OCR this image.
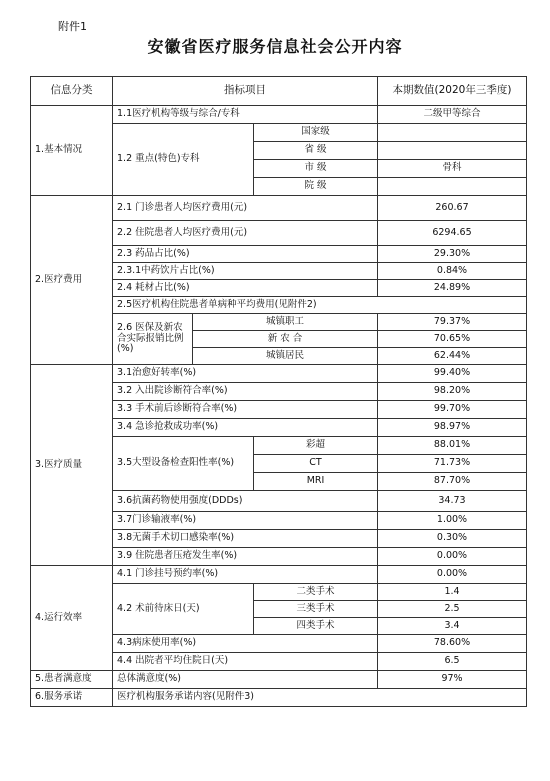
附件1
安徽省医疗服务信息社会公开内容
信息分类	指标项目			本期数值(2020年三季度)
1.基本情况	1.1医疗机构等级与综合/专科			二级甲等综合
	1.2 重点(特色)专科		国家级	
			省 级	
			市 级	骨科
			院 级	
2.医疗费用	2.1 门诊患者人均医疗费用(元)			260.67
	2.2 住院患者人均医疗费用(元)			6294.65
	2.3 药品占比(%)			29.30%
	2.3.1中药饮片占比(%)			0.84%
	2.4 耗材占比(%)			24.89%
	2.5医疗机构住院患者单病种平均费用(见附件2)			
	2.6 医保及新农合实际报销比例(%)	城镇职工		79.37%
		新 农 合		70.65%
		城镇居民		62.44%
3.医疗质量	3.1治愈好转率(%)			99.40%
	3.2 入出院诊断符合率(%)			98.20%
	3.3 手术前后诊断符合率(%)			99.70%
	3.4 急诊抢救成功率(%)			98.97%
	3.5大型设备检查阳性率(%)		彩超	88.01%
			CT	71.73%
			MRI	87.70%
	3.6抗菌药物使用强度(DDDs)			34.73
	3.7门诊输液率(%)			1.00%
	3.8无菌手术切口感染率(%)			0.30%
	3.9 住院患者压疮发生率(%)			0.00%
4.运行效率	4.1 门诊挂号预约率(%)			0.00%
	4.2 术前待床日(天)		二类手术	1.4
			三类手术	2.5
			四类手术	3.4
	4.3病床使用率(%)			78.60%
	4.4 出院者平均住院日(天)			6.5
5.患者满意度	总体满意度(%)			97%
6.服务承诺	医疗机构服务承诺内容(见附件3)			
